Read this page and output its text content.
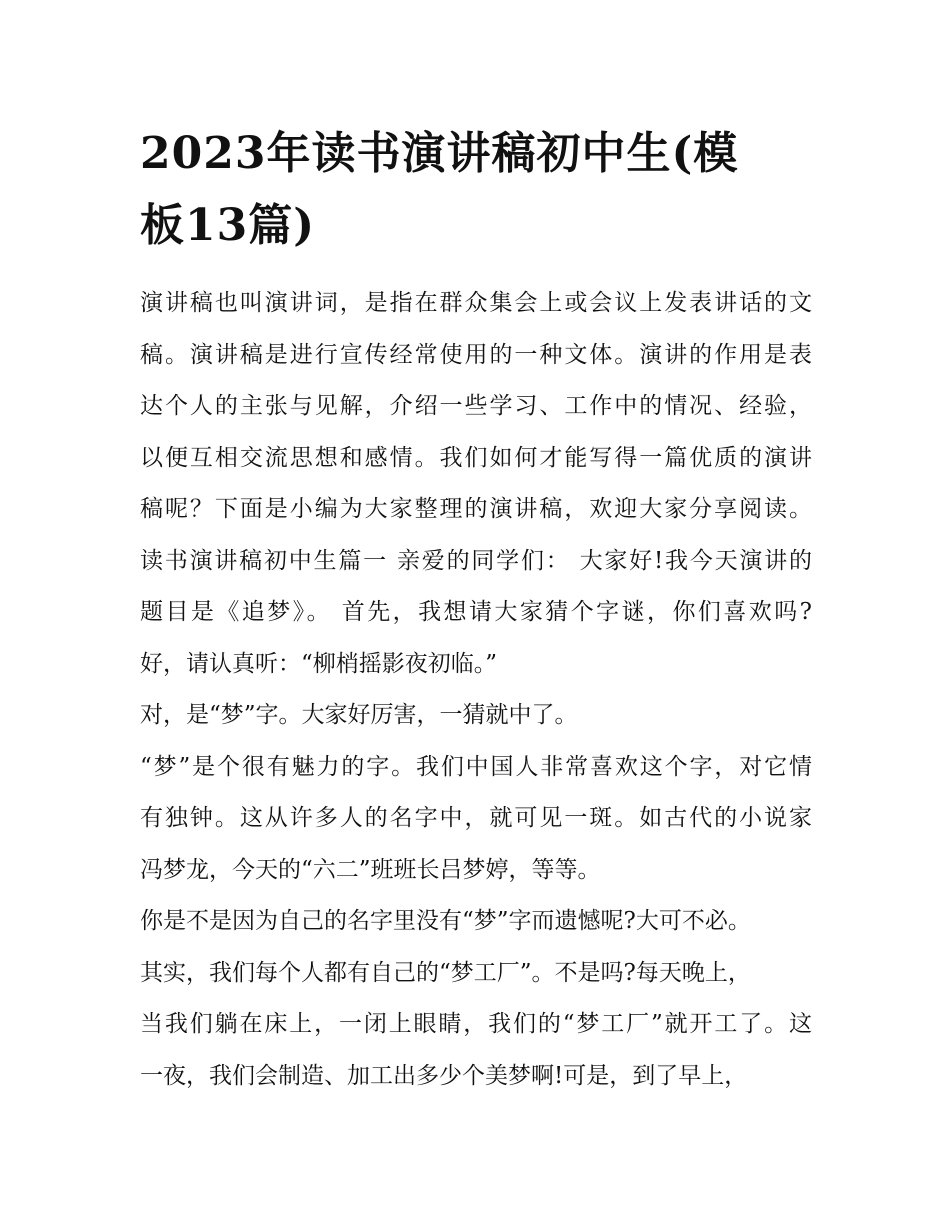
2023年读书演讲稿初中生(模
板13篇)
演讲稿也叫演讲词，是指在群众集会上或会议上发表讲话的文
稿。演讲稿是进行宣传经常使用的一种文体。演讲的作用是表
达个人的主张与见解，介绍一些学习、工作中的情况、经验，
以便互相交流思想和感情。我们如何才能写得一篇优质的演讲
稿呢？下面是小编为大家整理的演讲稿，欢迎大家分享阅读。
读书演讲稿初中生篇一 亲爱的同学们： 大家好!我今天演讲的
题目是《追梦》。 首先，我想请大家猜个字谜，你们喜欢吗?
好，请认真听：“柳梢摇影夜初临。”
对，是“梦”字。大家好厉害，一猜就中了。
“梦”是个很有魅力的字。我们中国人非常喜欢这个字，对它情
有独钟。这从许多人的名字中，就可见一斑。如古代的小说家
冯梦龙，今天的“六二”班班长吕梦婷，等等。
你是不是因为自己的名字里没有“梦”字而遗憾呢?大可不必。
其实，我们每个人都有自己的“梦工厂”。不是吗?每天晚上，
当我们躺在床上，一闭上眼睛，我们的“梦工厂”就开工了。这
一夜，我们会制造、加工出多少个美梦啊!可是，到了早上，
